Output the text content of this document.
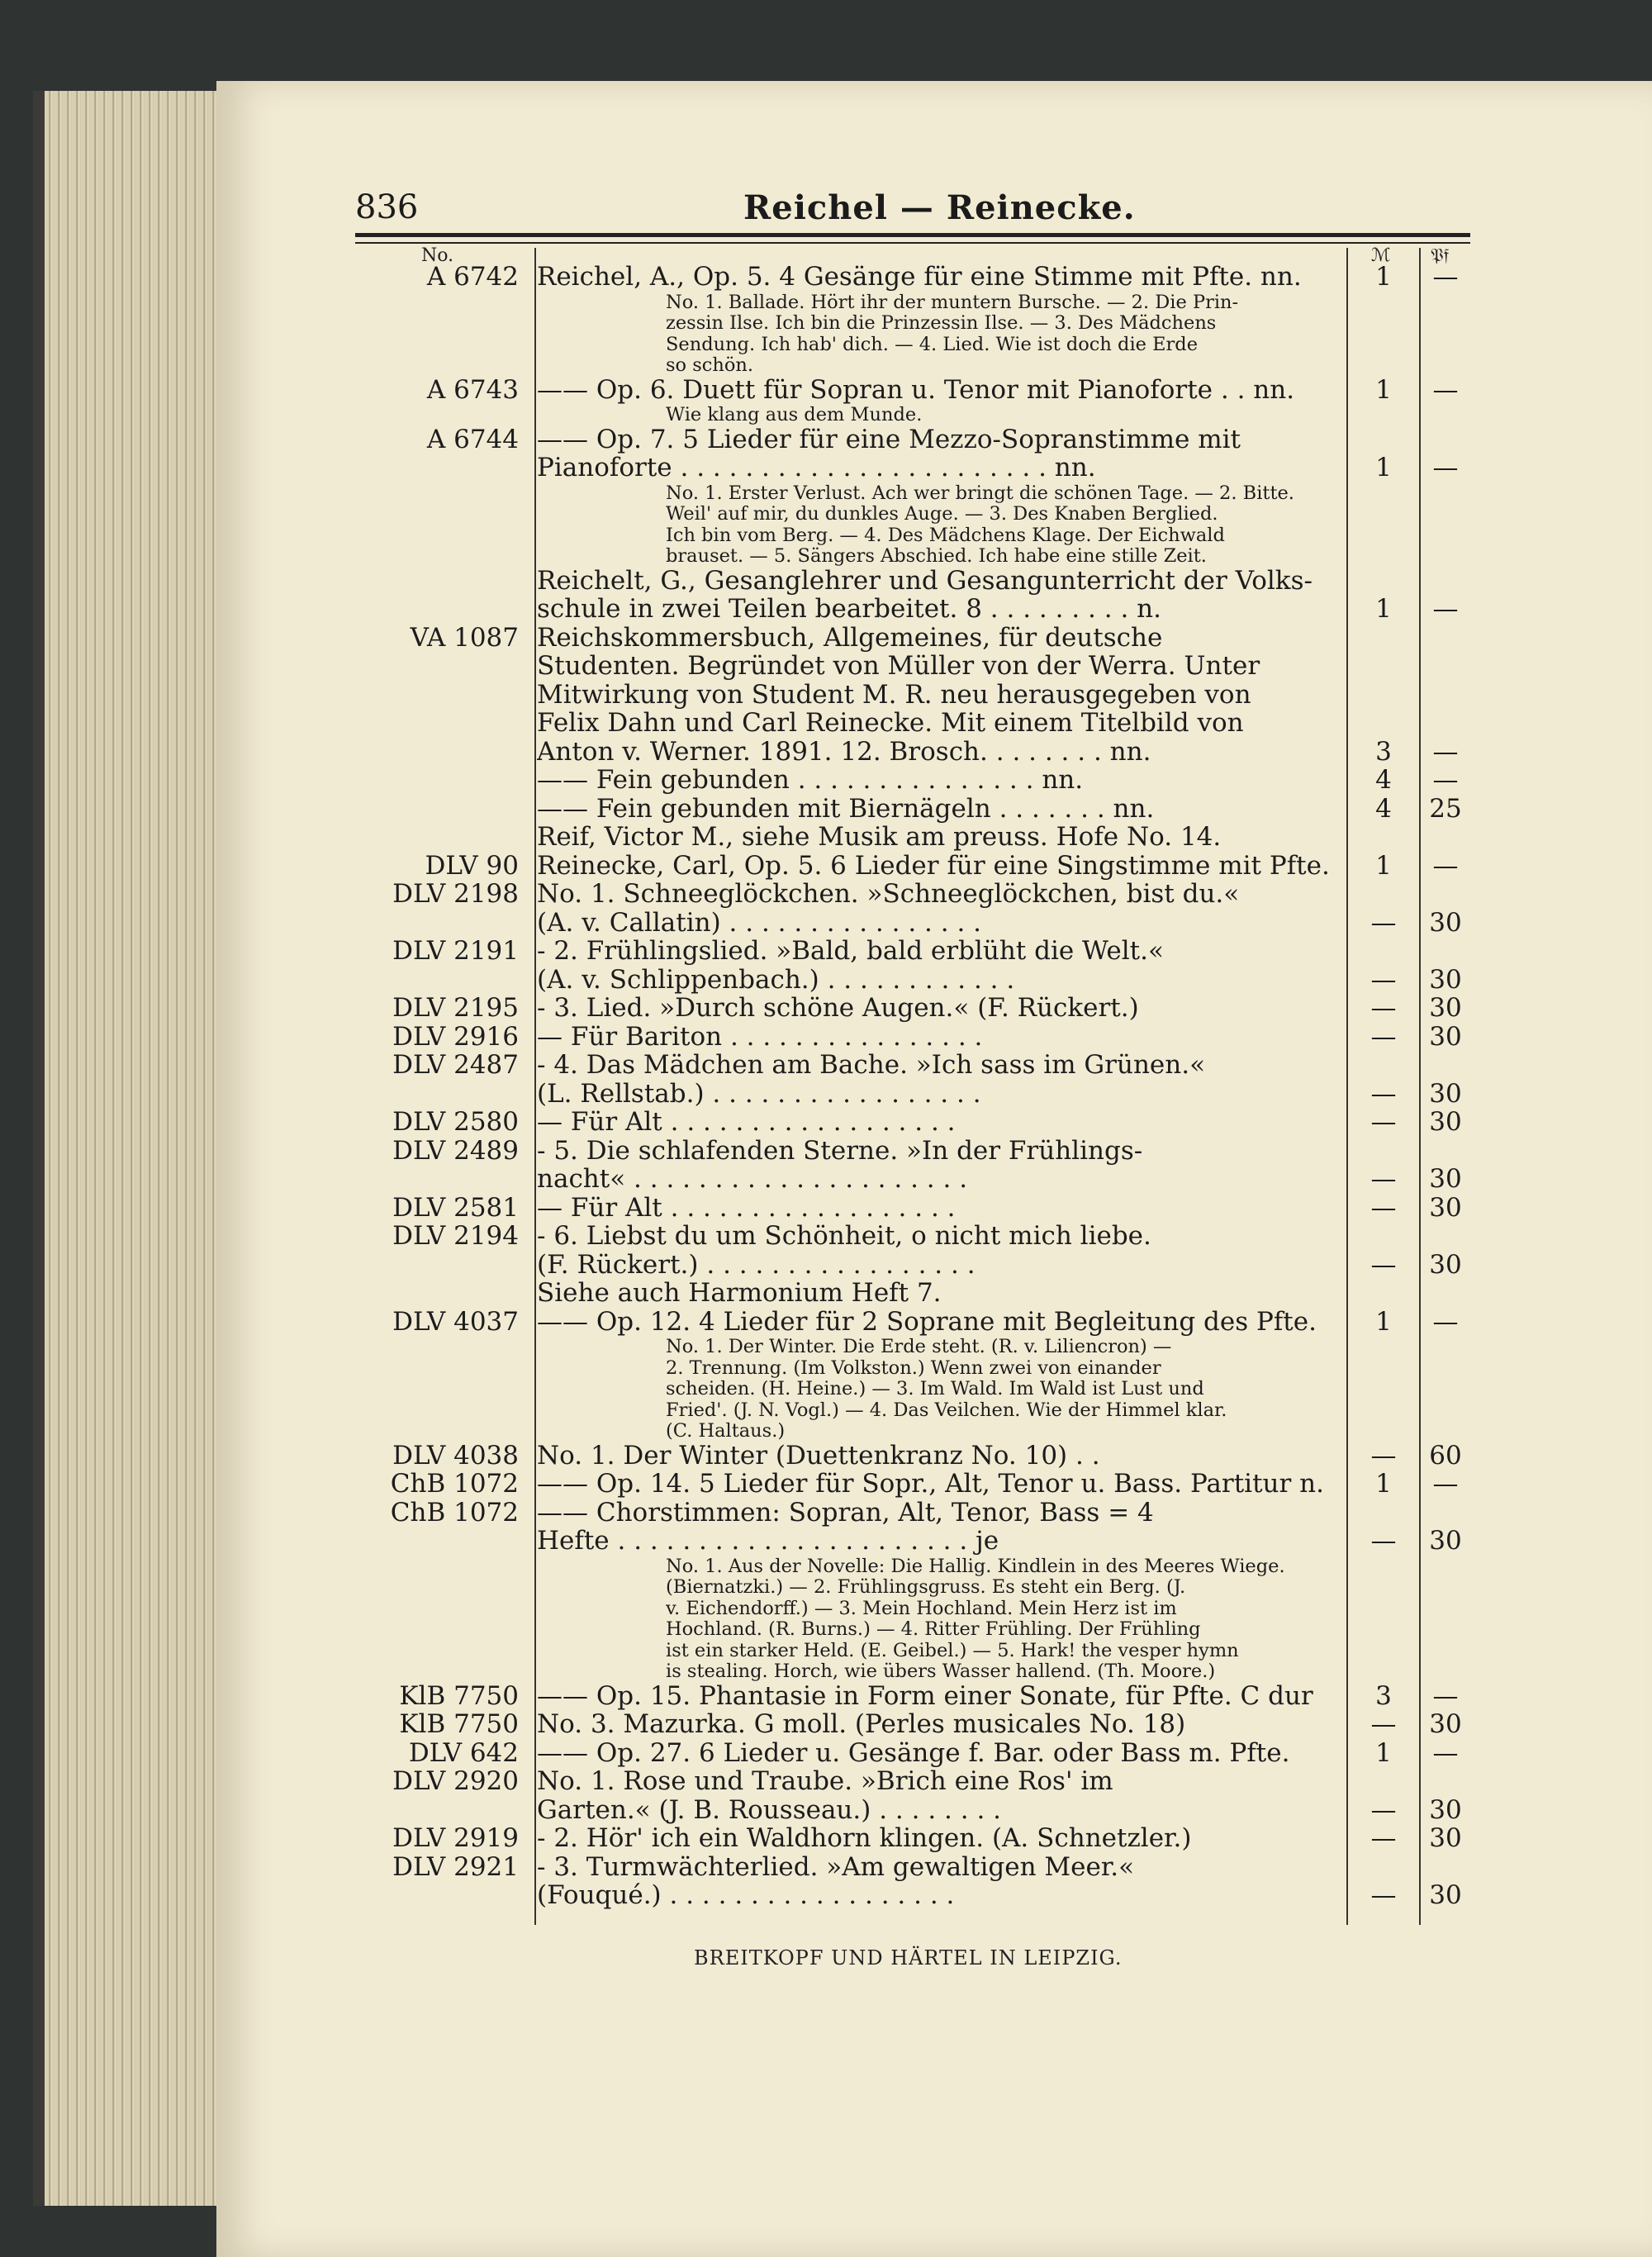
836	Reichel — Reinecke.
No.	ℳ 𝔓𝔣
A 6742 Reichel, A., Op. 5. 4 Gesänge für eine Stimme mit Pfte. nn.	1	—
No. 1. Ballade. Hört ihr der muntern Bursche. — 2. Die Prin-
zessin Ilse. Ich bin die Prinzessin Ilse. — 3. Des Mädchens
Sendung. Ich hab' dich. — 4. Lied. Wie ist doch die Erde
so schön.
A 6743 —— Op. 6. Duett für Sopran u. Tenor mit Pianoforte . . nn.	1	—
Wie klang aus dem Munde.
A 6744 —— Op. 7. 5 Lieder für eine Mezzo-Sopranstimme mit
Pianoforte . . . . . . . . . . . . . . . . . . . . . . . nn.	1	—
No. 1. Erster Verlust. Ach wer bringt die schönen Tage. — 2. Bitte.
Weil' auf mir, du dunkles Auge. — 3. Des Knaben Berglied.
Ich bin vom Berg. — 4. Des Mädchens Klage. Der Eichwald
brauset. — 5. Sängers Abschied. Ich habe eine stille Zeit.
Reichelt, G., Gesanglehrer und Gesangunterricht der Volks-
schule in zwei Teilen bearbeitet. 8 . . . . . . . . . n.	1	—
VA 1087 Reichskommersbuch, Allgemeines, für deutsche
Studenten. Begründet von Müller von der Werra. Unter
Mitwirkung von Student M. R. neu herausgegeben von
Felix Dahn und Carl Reinecke. Mit einem Titelbild von
Anton v. Werner. 1891. 12. Brosch. . . . . . . . nn.	3	—
—— Fein gebunden . . . . . . . . . . . . . . . nn.	4	—
—— Fein gebunden mit Biernägeln . . . . . . . nn.	4	25
Reif, Victor M., siehe Musik am preuss. Hofe No. 14.
DLV 90 Reinecke, Carl, Op. 5. 6 Lieder für eine Singstimme mit Pfte.	1	—
DLV 2198 No. 1. Schneeglöckchen. »Schneeglöckchen, bist du.«
(A. v. Callatin) . . . . . . . . . . . . . . . .	—	30
DLV 2191 - 2. Frühlingslied. »Bald, bald erblüht die Welt.«
(A. v. Schlippenbach.) . . . . . . . . . . . .	—	30
DLV 2195 - 3. Lied. »Durch schöne Augen.« (F. Rückert.)	—	30
DLV 2916 — Für Bariton . . . . . . . . . . . . . . . .	—	30
DLV 2487 - 4. Das Mädchen am Bache. »Ich sass im Grünen.«
(L. Rellstab.) . . . . . . . . . . . . . . . . .	—	30
DLV 2580 — Für Alt . . . . . . . . . . . . . . . . . .	—	30
DLV 2489 - 5. Die schlafenden Sterne. »In der Frühlings-
nacht« . . . . . . . . . . . . . . . . . . . . .	—	30
DLV 2581 — Für Alt . . . . . . . . . . . . . . . . . .	—	30
DLV 2194 - 6. Liebst du um Schönheit, o nicht mich liebe.
(F. Rückert.) . . . . . . . . . . . . . . . . .	—	30
Siehe auch Harmonium Heft 7.
DLV 4037 —— Op. 12. 4 Lieder für 2 Soprane mit Begleitung des Pfte.	1	—
No. 1. Der Winter. Die Erde steht. (R. v. Liliencron) —
2. Trennung. (Im Volkston.) Wenn zwei von einander
scheiden. (H. Heine.) — 3. Im Wald. Im Wald ist Lust und
Fried'. (J. N. Vogl.) — 4. Das Veilchen. Wie der Himmel klar.
(C. Haltaus.)
DLV 4038 No. 1. Der Winter (Duettenkranz No. 10) . .	—	60
ChB 1072 —— Op. 14. 5 Lieder für Sopr., Alt, Tenor u. Bass. Partitur n.	1	—
ChB 1072 —— Chorstimmen: Sopran, Alt, Tenor, Bass = 4
Hefte . . . . . . . . . . . . . . . . . . . . . . je	—	30
No. 1. Aus der Novelle: Die Hallig. Kindlein in des Meeres Wiege.
(Biernatzki.) — 2. Frühlingsgruss. Es steht ein Berg. (J.
v. Eichendorff.) — 3. Mein Hochland. Mein Herz ist im
Hochland. (R. Burns.) — 4. Ritter Frühling. Der Frühling
ist ein starker Held. (E. Geibel.) — 5. Hark! the vesper hymn
is stealing. Horch, wie übers Wasser hallend. (Th. Moore.)
KlB 7750 —— Op. 15. Phantasie in Form einer Sonate, für Pfte. C dur	3	—
KlB 7750 No. 3. Mazurka. G moll. (Perles musicales No. 18)	—	30
DLV 642 —— Op. 27. 6 Lieder u. Gesänge f. Bar. oder Bass m. Pfte.	1	—
DLV 2920 No. 1. Rose und Traube. »Brich eine Ros' im
Garten.« (J. B. Rousseau.) . . . . . . . .	—	30
DLV 2919 - 2. Hör' ich ein Waldhorn klingen. (A. Schnetzler.)	—	30
DLV 2921 - 3. Turmwächterlied. »Am gewaltigen Meer.«
(Fouqué.) . . . . . . . . . . . . . . . . . .	—	30
BREITKOPF UND HÄRTEL IN LEIPZIG.
